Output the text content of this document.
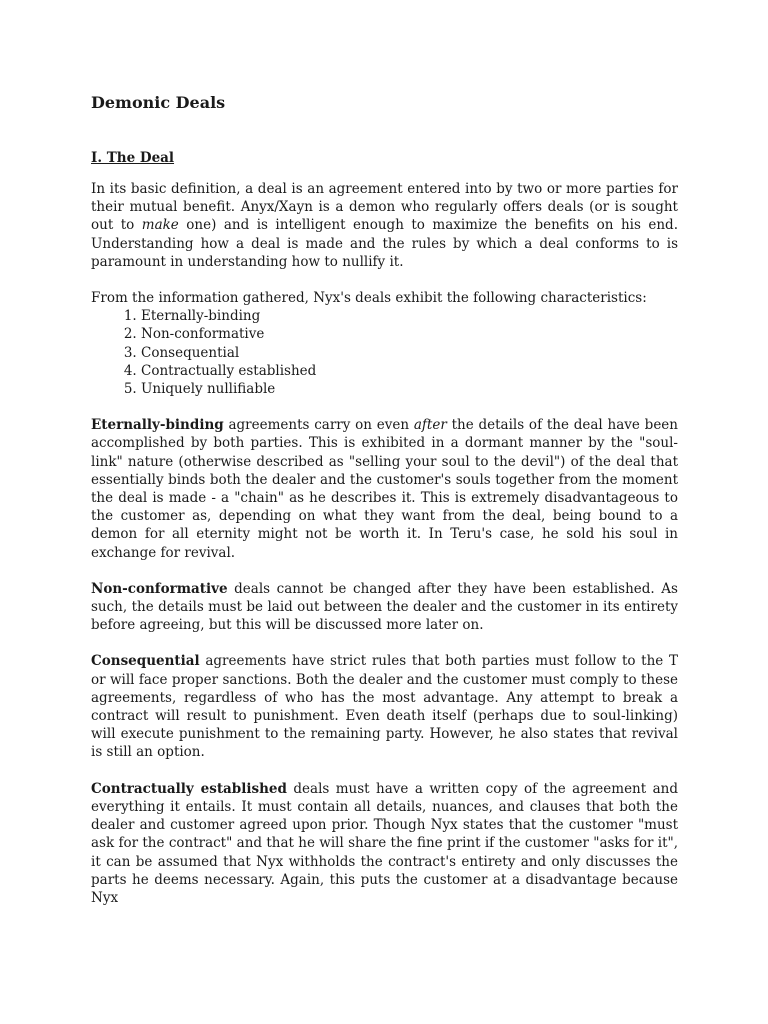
Demonic Deals
I. The Deal

In its basic definition, a deal is an agreement entered into by two or more parties for their mutual benefit. Anyx/Xayn is a demon who regularly offers deals (or is sought out to make one) and is intelligent enough to maximize the benefits on his end. Understanding how a deal is made and the rules by which a deal conforms to is paramount in understanding how to nullify it.

From the information gathered, Nyx's deals exhibit the following characteristics:

1. Eternally-binding
2. Non-conformative
3. Consequential
4. Contractually established
5. Uniquely nullifiable

Eternally-binding agreements carry on even after the details of the deal have been accomplished by both parties. This is exhibited in a dormant manner by the "soul-link" nature (otherwise described as "selling your soul to the devil") of the deal that essentially binds both the dealer and the customer's souls together from the moment the deal is made - a "chain" as he describes it. This is extremely disadvantageous to the customer as, depending on what they want from the deal, being bound to a demon for all eternity might not be worth it. In Teru's case, he sold his soul in exchange for revival.

Non-conformative deals cannot be changed after they have been established. As such, the details must be laid out between the dealer and the customer in its entirety before agreeing, but this will be discussed more later on.

Consequential agreements have strict rules that both parties must follow to the T or will face proper sanctions. Both the dealer and the customer must comply to these agreements, regardless of who has the most advantage. Any attempt to break a contract will result to punishment. Even death itself (perhaps due to soul-linking) will execute punishment to the remaining party. However, he also states that revival is still an option.

Contractually established deals must have a written copy of the agreement and everything it entails. It must contain all details, nuances, and clauses that both the dealer and customer agreed upon prior. Though Nyx states that the customer "must ask for the contract" and that he will share the fine print if the customer "asks for it", it can be assumed that Nyx withholds the contract's entirety and only discusses the parts he deems necessary. Again, this puts the customer at a disadvantage because Nyx
